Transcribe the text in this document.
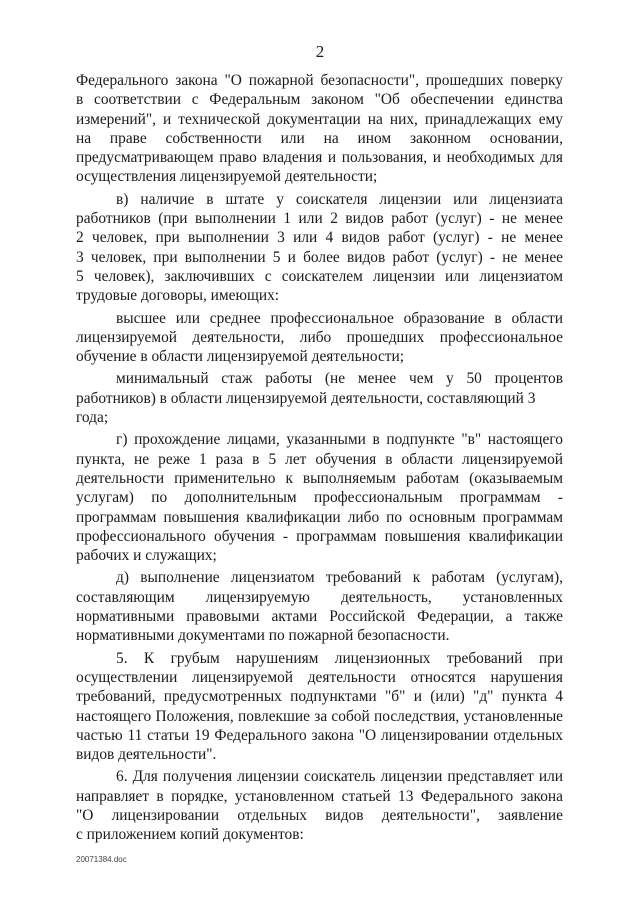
2
Федерального закона "О пожарной безопасности", прошедших поверку
в соответствии с Федеральным законом "Об обеспечении единства
измерений", и технической документации на них, принадлежащих ему
на праве собственности или на ином законном основании,
предусматривающем право владения и пользования, и необходимых для
осуществления лицензируемой деятельности;
в) наличие в штате у соискателя лицензии или лицензиата
работников (при выполнении 1 или 2 видов работ (услуг) - не менее
2 человек, при выполнении 3 или 4 видов работ (услуг) - не менее
3 человек, при выполнении 5 и более видов работ (услуг) - не менее
5 человек), заключивших с соискателем лицензии или лицензиатом
трудовые договоры, имеющих:
высшее или среднее профессиональное образование в области
лицензируемой деятельности, либо прошедших профессиональное
обучение в области лицензируемой деятельности;
минимальный стаж работы (не менее чем у 50 процентов
работников) в области лицензируемой деятельности, составляющий 3 года;
г) прохождение лицами, указанными в подпункте "в" настоящего
пункта, не реже 1 раза в 5 лет обучения в области лицензируемой
деятельности применительно к выполняемым работам (оказываемым
услугам) по дополнительным профессиональным программам -
программам повышения квалификации либо по основным программам
профессионального обучения - программам повышения квалификации
рабочих и служащих;
д) выполнение лицензиатом требований к работам (услугам),
составляющим лицензируемую деятельность, установленных
нормативными правовыми актами Российской Федерации, а также
нормативными документами по пожарной безопасности.
5. К грубым нарушениям лицензионных требований при
осуществлении лицензируемой деятельности относятся нарушения
требований, предусмотренных подпунктами "б" и (или) "д" пункта 4
настоящего Положения, повлекшие за собой последствия, установленные
частью 11 статьи 19 Федерального закона "О лицензировании отдельных
видов деятельности".
6. Для получения лицензии соискатель лицензии представляет или
направляет в порядке, установленном статьей 13 Федерального закона
"О лицензировании отдельных видов деятельности", заявление
с приложением копий документов:
20071384.doc
